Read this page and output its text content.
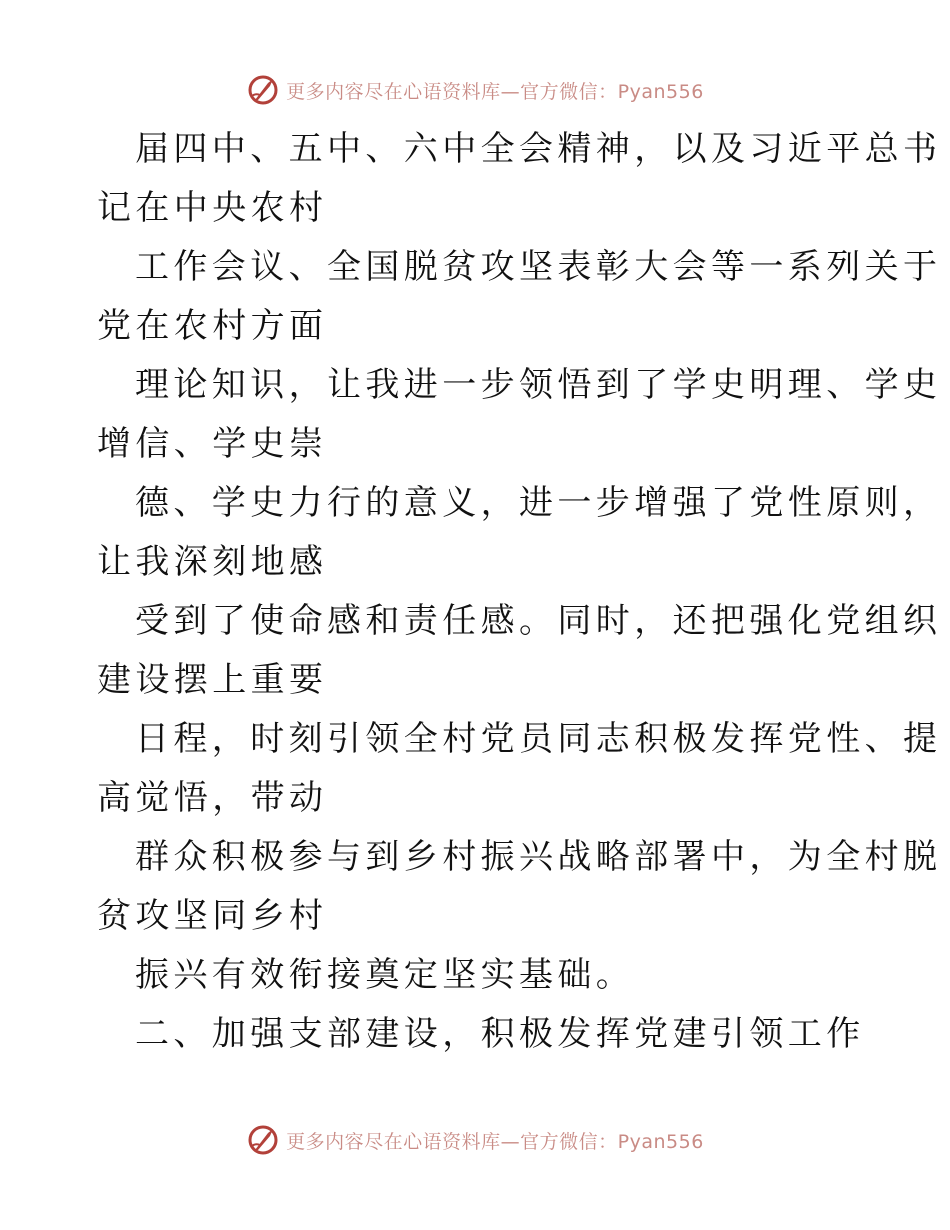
更多内容尽在心语资料库—官方微信：Pyan556
届四中、五中、六中全会精神，以及习近平总书
记在中央农村
工作会议、全国脱贫攻坚表彰大会等一系列关于
党在农村方面
理论知识，让我进一步领悟到了学史明理、学史
增信、学史崇
德、学史力行的意义，进一步增强了党性原则，
让我深刻地感
受到了使命感和责任感。同时，还把强化党组织
建设摆上重要
日程，时刻引领全村党员同志积极发挥党性、提
高觉悟，带动
群众积极参与到乡村振兴战略部署中，为全村脱
贫攻坚同乡村
振兴有效衔接奠定坚实基础。
二、加强支部建设，积极发挥党建引领工作
更多内容尽在心语资料库—官方微信：Pyan556
